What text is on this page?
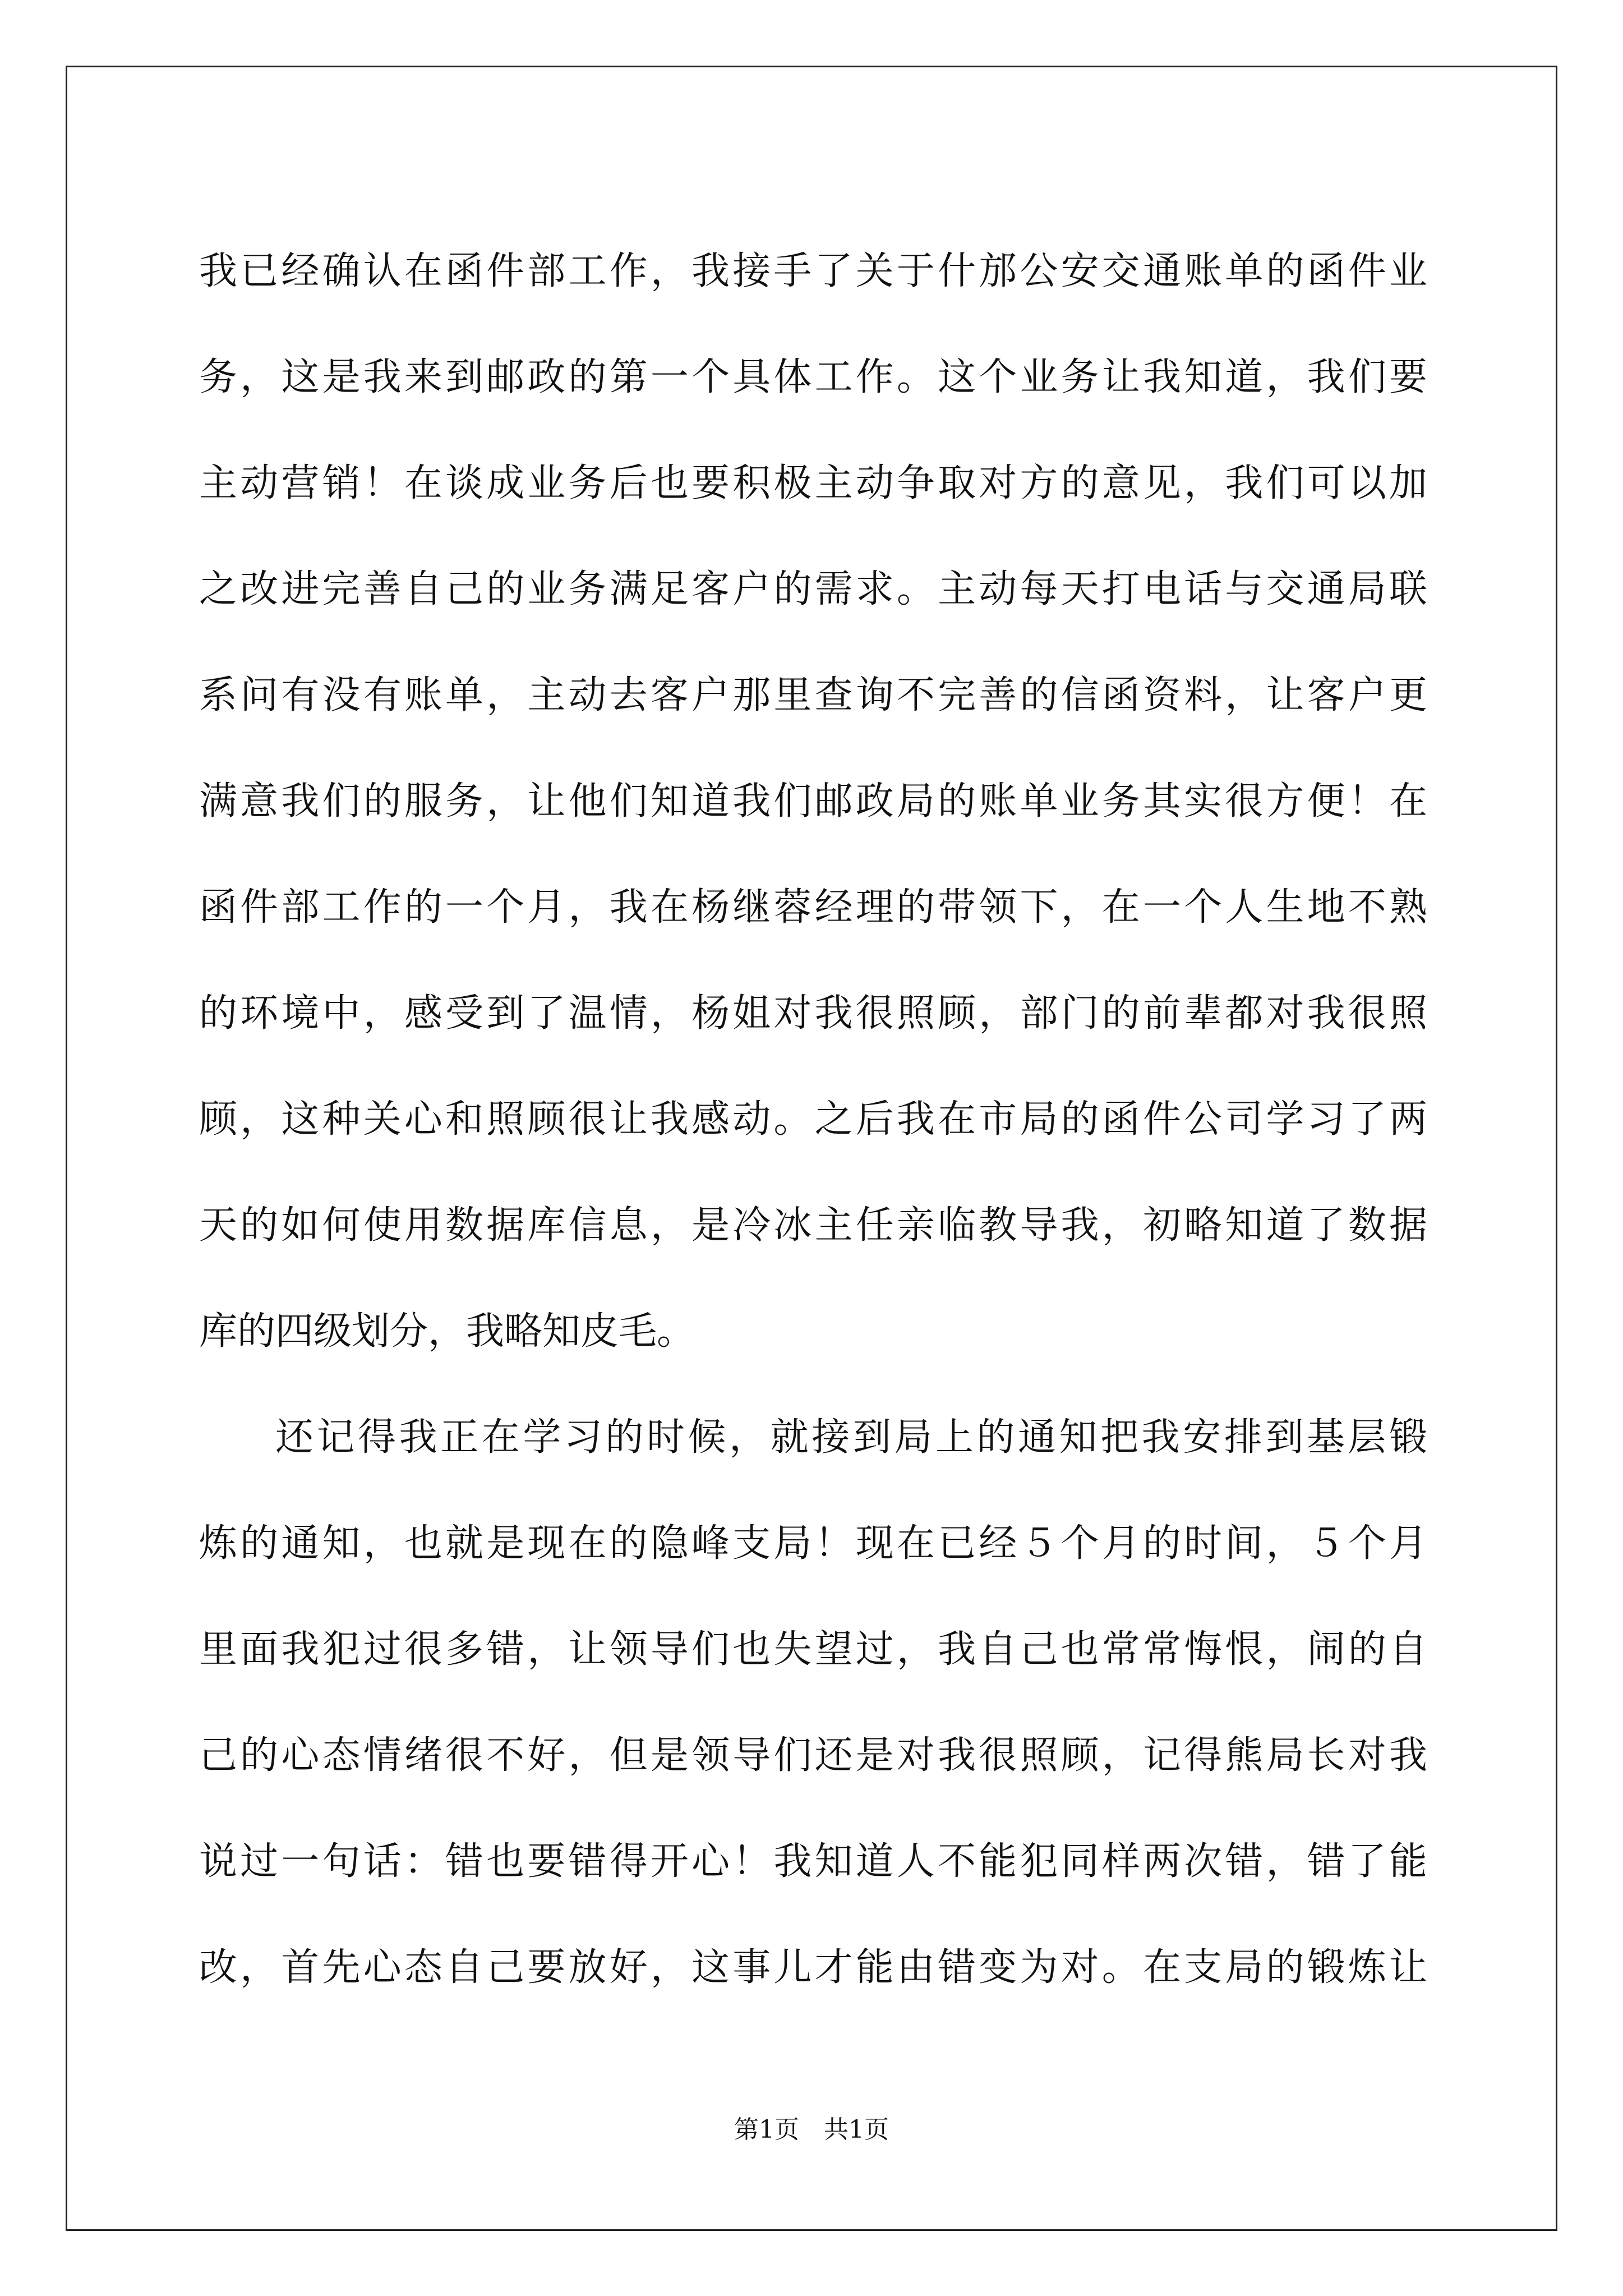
我已经确认在函件部工作，我接手了关于什邡公安交通账单的函件业
务，这是我来到邮政的第一个具体工作。这个业务让我知道，我们要
主动营销！在谈成业务后也要积极主动争取对方的意见，我们可以加
之改进完善自己的业务满足客户的需求。主动每天打电话与交通局联
系问有没有账单，主动去客户那里查询不完善的信函资料，让客户更
满意我们的服务，让他们知道我们邮政局的账单业务其实很方便！在
函件部工作的一个月，我在杨继蓉经理的带领下，在一个人生地不熟
的环境中，感受到了温情，杨姐对我很照顾，部门的前辈都对我很照
顾，这种关心和照顾很让我感动。之后我在市局的函件公司学习了两
天的如何使用数据库信息，是冷冰主任亲临教导我，初略知道了数据
库的四级划分，我略知皮毛。
还记得我正在学习的时候，就接到局上的通知把我安排到基层锻
炼的通知，也就是现在的隐峰支局！现在已经５个月的时间，５个月
里面我犯过很多错，让领导们也失望过，我自己也常常悔恨，闹的自
己的心态情绪很不好，但是领导们还是对我很照顾，记得熊局长对我
说过一句话：错也要错得开心！我知道人不能犯同样两次错，错了能
改，首先心态自己要放好，这事儿才能由错变为对。在支局的锻炼让
第1页 共1页
